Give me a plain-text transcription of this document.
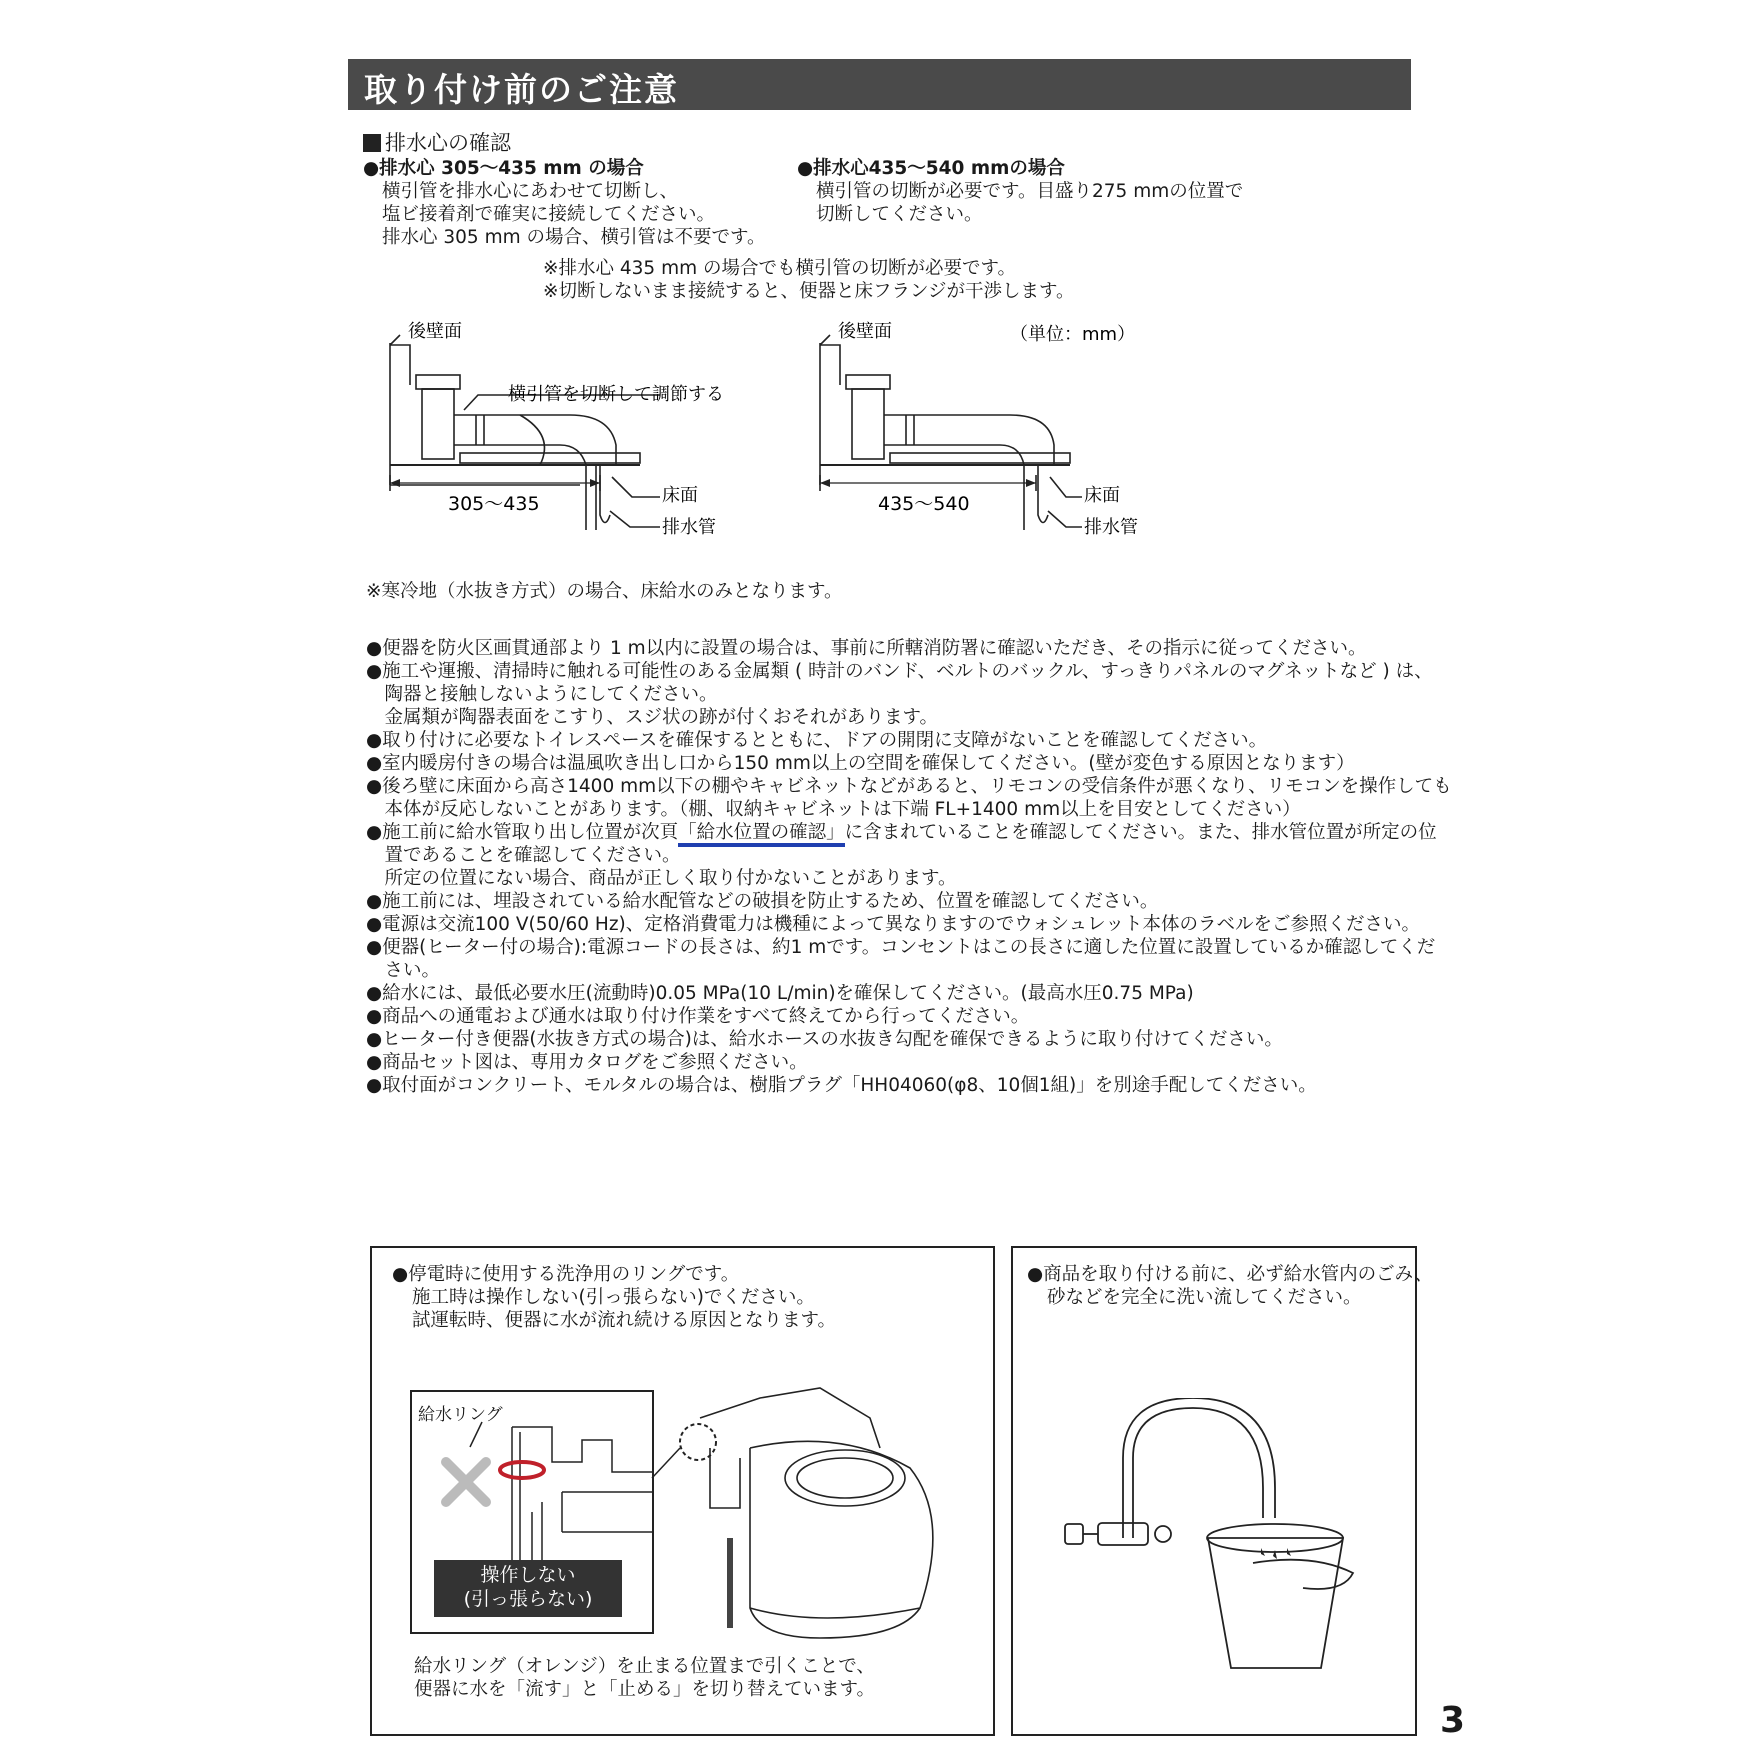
取り付け前のご注意
排水心の確認
●排水心 305〜435 mm の場合
横引管を排水心にあわせて切断し、
塩ビ接着剤で確実に接続してください。
排水心 305 mm の場合、横引管は不要です。
●排水心435〜540 mmの場合
横引管の切断が必要です。目盛り275 mmの位置で
切断してください。
※排水心 435 mm の場合でも横引管の切断が必要です。
※切断しないまま接続すると、便器と床フランジが干渉します。
後壁面
横引管を切断して調節する
305〜435	床面
排水管
後壁面	（単位：mm）
435〜540	床面
排水管
※寒冷地（水抜き方式）の場合、床給水のみとなります。
●便器を防火区画貫通部より 1 m以内に設置の場合は、事前に所轄消防署に確認いただき、その指示に従ってください。
●施工や運搬、清掃時に触れる可能性のある金属類 ( 時計のバンド、ベルトのバックル、すっきりパネルのマグネットなど ) は、
　陶器と接触しないようにしてください。
　金属類が陶器表面をこすり、スジ状の跡が付くおそれがあります。
●取り付けに必要なトイレスペースを確保するとともに、ドアの開閉に支障がないことを確認してください。
●室内暖房付きの場合は温風吹き出し口から150 mm以上の空間を確保してください。(壁が変色する原因となります）
●後ろ壁に床面から高さ1400 mm以下の棚やキャビネットなどがあると、リモコンの受信条件が悪くなり、リモコンを操作しても
　本体が反応しないことがあります。（棚、収納キャビネットは下端 FL+1400 mm以上を目安としてください）
●施工前に給水管取り出し位置が次頁「給水位置の確認」に含まれていることを確認してください。また、排水管位置が所定の位
　置であることを確認してください。
　所定の位置にない場合、商品が正しく取り付かないことがあります。
●施工前には、埋設されている給水配管などの破損を防止するため、位置を確認してください。
●電源は交流100 V(50/60 Hz)、定格消費電力は機種によって異なりますのでウォシュレット本体のラベルをご参照ください。
●便器(ヒーター付の場合):電源コードの長さは、約1 mです。コンセントはこの長さに適した位置に設置しているか確認してくだ
　さい。
●給水には、最低必要水圧(流動時)0.05 MPa(10 L/min)を確保してください。(最高水圧0.75 MPa)
●商品への通電および通水は取り付け作業をすべて終えてから行ってください。
●ヒーター付き便器(水抜き方式の場合)は、給水ホースの水抜き勾配を確保できるように取り付けてください。
●商品セット図は、専用カタログをご参照ください。
●取付面がコンクリート、モルタルの場合は、樹脂プラグ「HH04060(φ8、10個1組)」を別途手配してください。
●停電時に使用する洗浄用のリングです。
施工時は操作しない(引っ張らない)でください。
試運転時、便器に水が流れ続ける原因となります。
給水リング
操作しない
(引っ張らない)
給水リング（オレンジ）を止まる位置まで引くことで、
便器に水を「流す」と「止める」を切り替えています。
●商品を取り付ける前に、必ず給水管内のごみ、
砂などを完全に洗い流してください。
3
